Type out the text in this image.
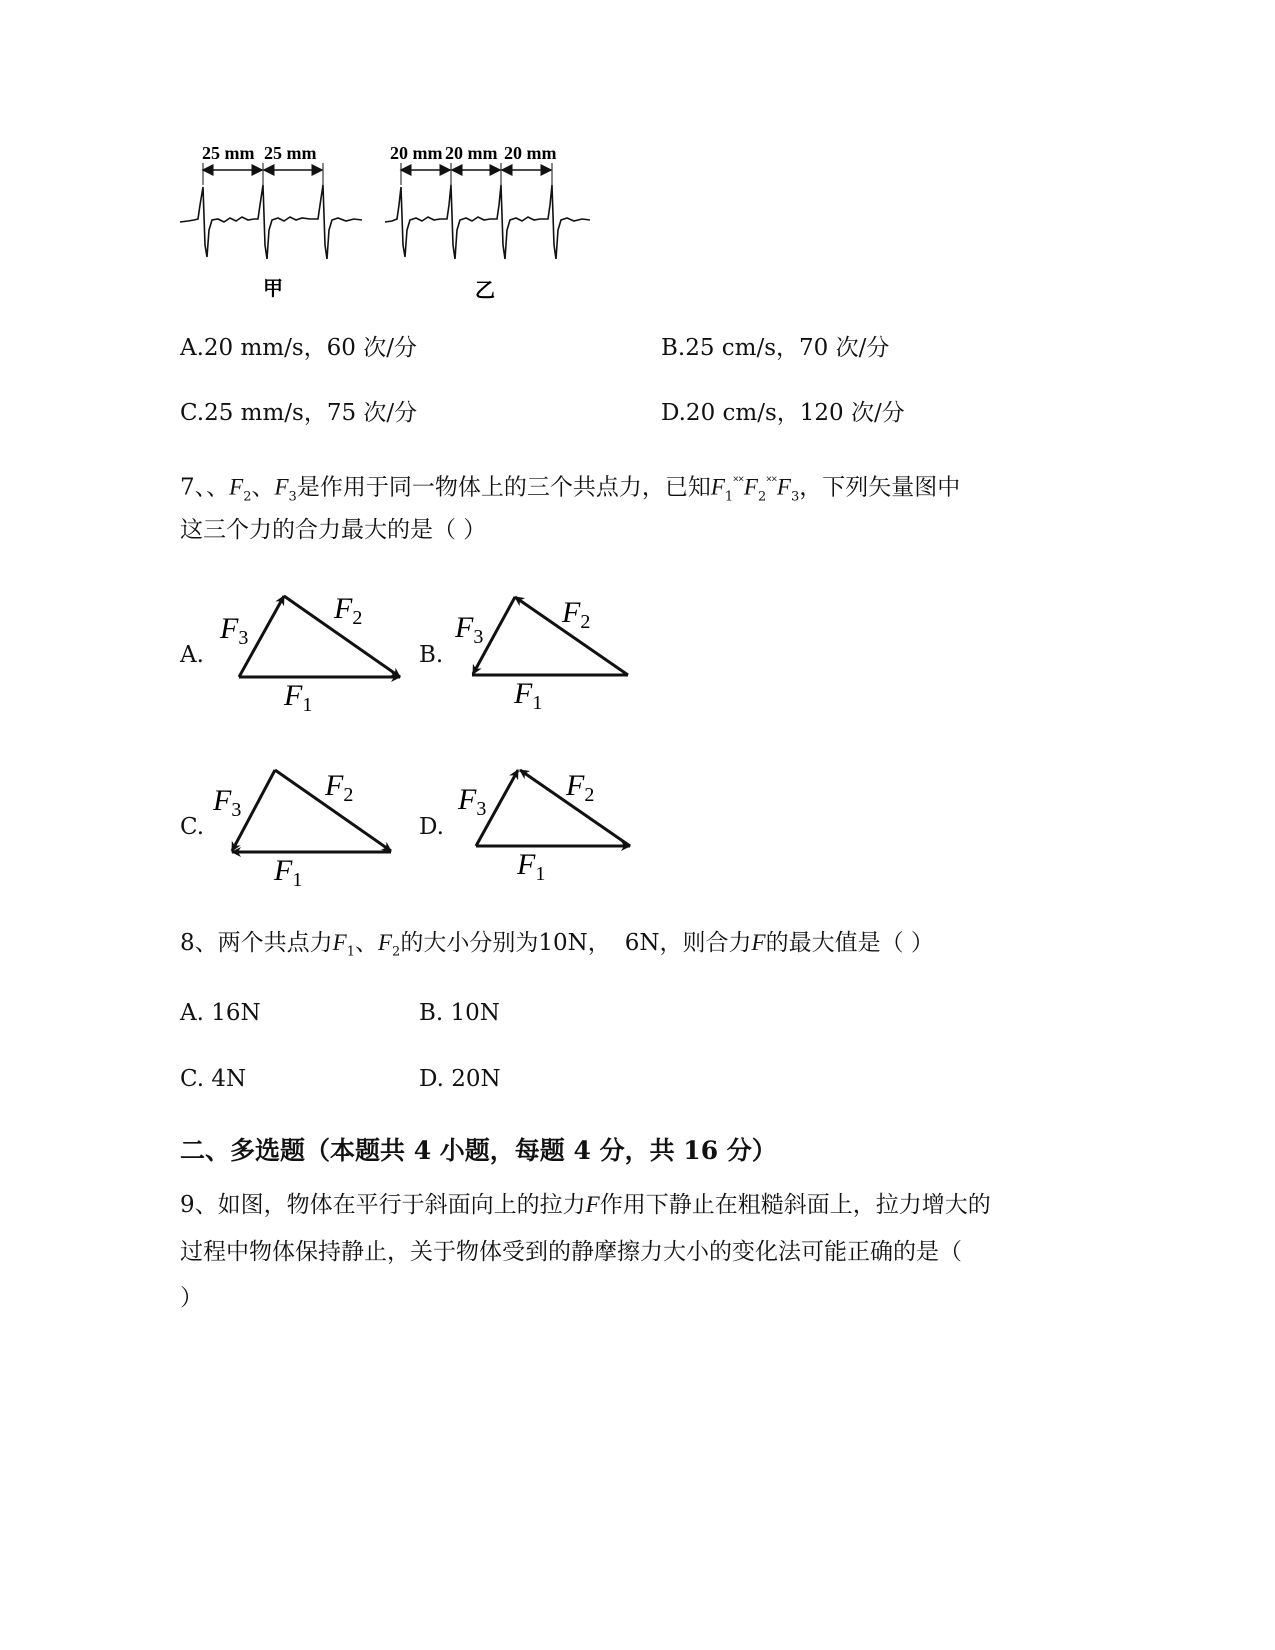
25 mm 25 mm
甲
20 mm 20 mm 20 mm
乙
A.20 mm/s，60 次/分	B.25 cm/s，70 次/分
C.25 mm/s，75 次/分	D.20 cm/s，120 次/分
7、、$F_2$、$F_3$是作用于同一物体上的三个共点力，已知$F_1^{˟˟}F_2^{˟˟}F_3$，下列矢量图中
这三个力的合力最大的是（ ）
A.	B.
C.	D.
$F_3$
$F_2$
$F_1$
$F_3$
$F_2$
$F_1$
$F_3$
$F_2$
$F_1$
$F_3$
$F_2$
$F_1$
8、两个共点力$F_1$、$F_2$的大小分别为10N， 6N，则合力F的最大值是（ ）
A. 16N	B. 10N
C. 4N	D. 20N
二、多选题（本题共 4 小题，每题 4 分，共 16 分）
9、如图，物体在平行于斜面向上的拉力F作用下静止在粗糙斜面上，拉力增大的
过程中物体保持静止，关于物体受到的静摩擦力大小的变化法可能正确的是（
）
